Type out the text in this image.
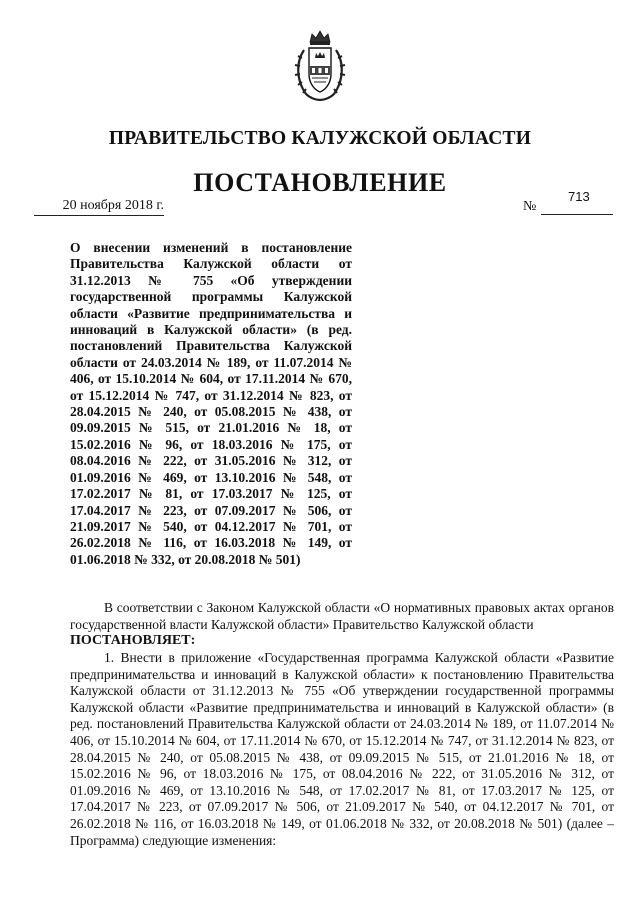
ПРАВИТЕЛЬСТВО КАЛУЖСКОЙ ОБЛАСТИ
ПОСТАНОВЛЕНИЕ
20 ноября 2018 г.	№
713

О внесении изменений в постановление Правительства Калужской области от 31.12.2013 № 755 «Об утверждении государственной программы Калужской области «Развитие предпринимательства и инноваций в Калужской области» (в ред. постановлений Правительства Калужской области от 24.03.2014 № 189, от 11.07.2014 № 406, от 15.10.2014 № 604, от 17.11.2014 № 670, от 15.12.2014 № 747, от 31.12.2014 № 823, от 28.04.2015 № 240, от 05.08.2015 № 438, от 09.09.2015 № 515, от 21.01.2016 № 18, от 15.02.2016 № 96, от 18.03.2016 № 175, от 08.04.2016 № 222, от 31.05.2016 № 312, от 01.09.2016 № 469, от 13.10.2016 № 548, от 17.02.2017 № 81, от 17.03.2017 № 125, от 17.04.2017 № 223, от 07.09.2017 № 506, от 21.09.2017 № 540, от 04.12.2017 № 701, от 26.02.2018 № 116, от 16.03.2018 № 149, от 01.06.2018 № 332, от 20.08.2018 № 501)

В соответствии с Законом Калужской области «О нормативных правовых актах органов государственной власти Калужской области» Правительство Калужской области

ПОСТАНОВЛЯЕТ:

1. Внести в приложение «Государственная программа Калужской области «Развитие предпринимательства и инноваций в Калужской области» к постановлению Правительства Калужской области от 31.12.2013 № 755 «Об утверждении государственной программы Калужской области «Развитие предпринимательства и инноваций в Калужской области» (в ред. постановлений Правительства Калужской области от 24.03.2014 № 189, от 11.07.2014 № 406, от 15.10.2014 № 604, от 17.11.2014 № 670, от 15.12.2014 № 747, от 31.12.2014 № 823, от 28.04.2015 № 240, от 05.08.2015 № 438, от 09.09.2015 № 515, от 21.01.2016 № 18, от 15.02.2016 № 96, от 18.03.2016 № 175, от 08.04.2016 № 222, от 31.05.2016 № 312, от 01.09.2016 № 469, от 13.10.2016 № 548, от 17.02.2017 № 81, от 17.03.2017 № 125, от 17.04.2017 № 223, от 07.09.2017 № 506, от 21.09.2017 № 540, от 04.12.2017 № 701, от 26.02.2018 № 116, от 16.03.2018 № 149, от 01.06.2018 № 332, от 20.08.2018 № 501) (далее – Программа) следующие изменения:
